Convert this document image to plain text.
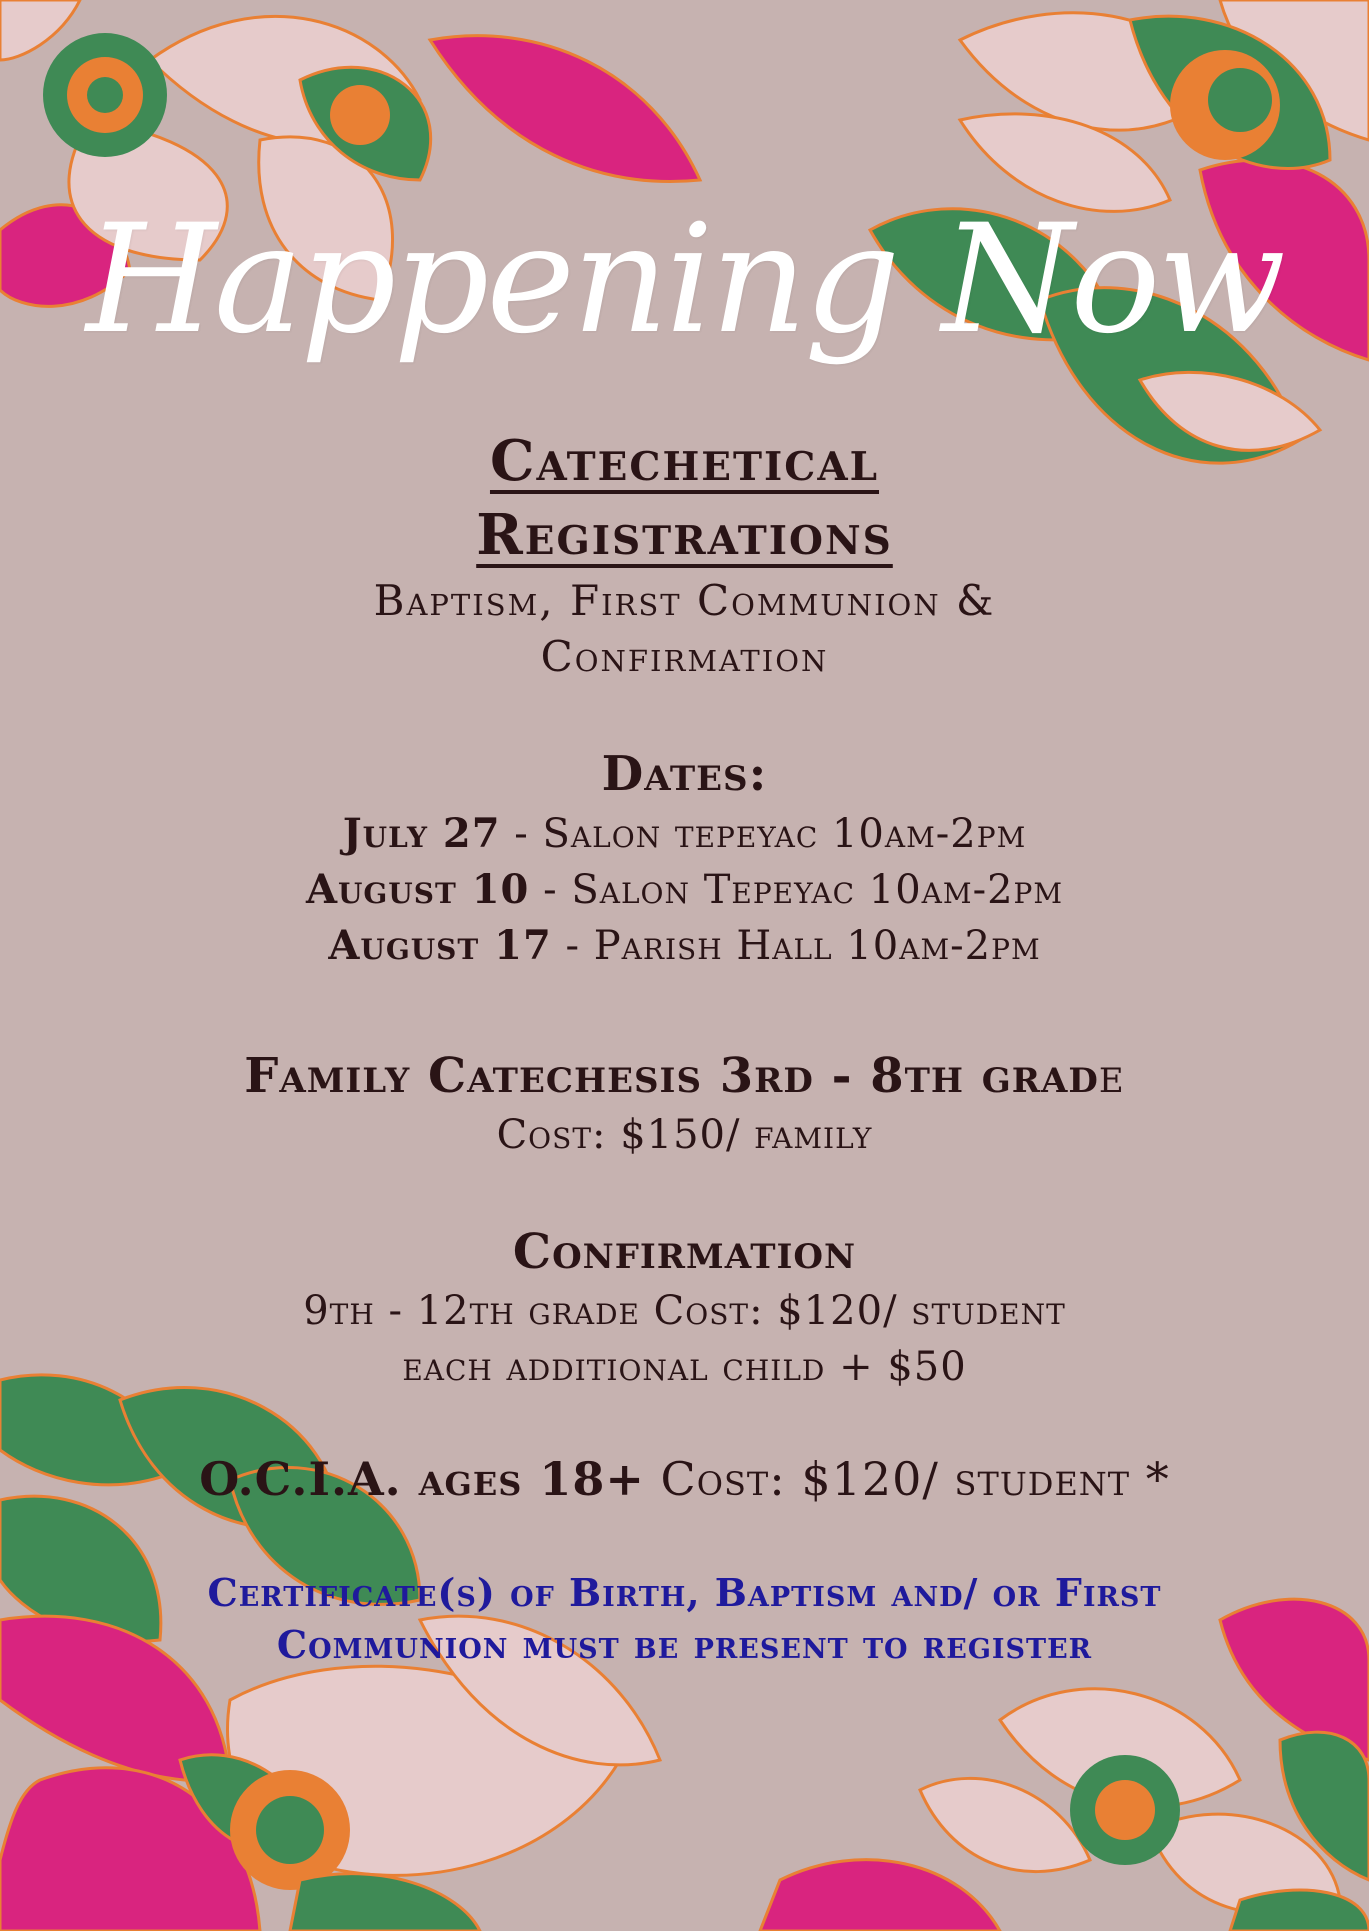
Happening Now
Catechetical
Registrations
Baptism, First Communion &
Confirmation
Dates:
July 27 - Salon tepeyac 10am-2pm
August 10 - Salon Tepeyac 10am-2pm
August 17 - Parish Hall 10am-2pm
Family Catechesis 3rd - 8th grade
Cost: $150/ family
Confirmation
9th - 12th grade Cost: $120/ student
each additional child + $50
O.C.I.A. ages 18+ Cost: $120/ student *
Certificate(s) of Birth, Baptism and/ or First
Communion must be present to register
